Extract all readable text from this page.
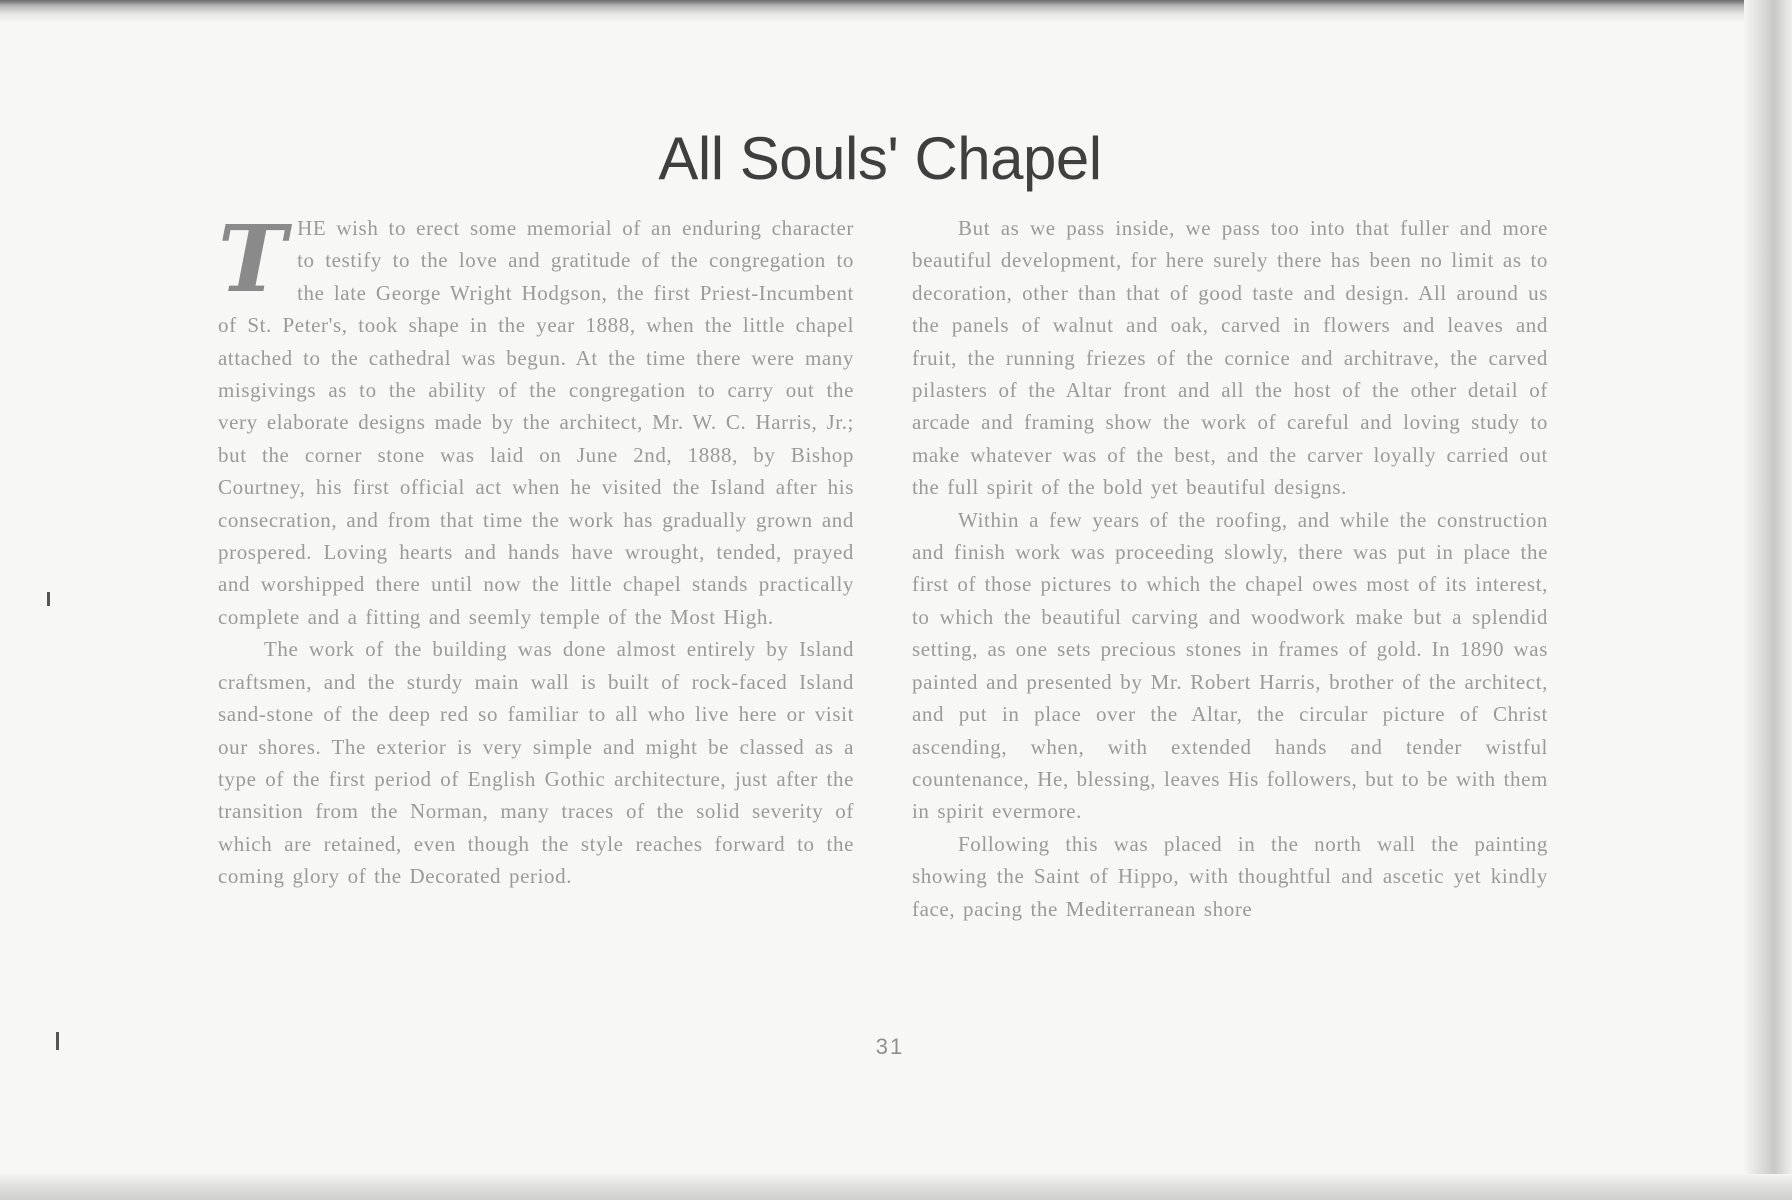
All Souls' Chapel

THE wish to erect some memorial of an enduring character to testify to the love and gratitude of the congregation to the late George Wright Hodgson, the first Priest-Incumbent of St. Peter's, took shape in the year 1888, when the little chapel attached to the cathedral was begun. At the time there were many misgivings as to the ability of the congregation to carry out the very elaborate designs made by the architect, Mr. W. C. Harris, Jr.; but the corner stone was laid on June 2nd, 1888, by Bishop Courtney, his first official act when he visited the Island after his consecration, and from that time the work has gradually grown and prospered. Loving hearts and hands have wrought, tended, prayed and worshipped there until now the little chapel stands practically complete and a fitting and seemly temple of the Most High.

The work of the building was done almost entirely by Island craftsmen, and the sturdy main wall is built of rock-faced Island sand-stone of the deep red so familiar to all who live here or visit our shores. The exterior is very simple and might be classed as a type of the first period of English Gothic architecture, just after the transition from the Norman, many traces of the solid severity of which are retained, even though the style reaches forward to the coming glory of the Decorated period.

But as we pass inside, we pass too into that fuller and more beautiful development, for here surely there has been no limit as to decoration, other than that of good taste and design. All around us the panels of walnut and oak, carved in flowers and leaves and fruit, the running friezes of the cornice and architrave, the carved pilasters of the Altar front and all the host of the other detail of arcade and framing show the work of careful and loving study to make whatever was of the best, and the carver loyally carried out the full spirit of the bold yet beautiful designs.

Within a few years of the roofing, and while the construction and finish work was proceeding slowly, there was put in place the first of those pictures to which the chapel owes most of its interest, to which the beautiful carving and woodwork make but a splendid setting, as one sets precious stones in frames of gold. In 1890 was painted and presented by Mr. Robert Harris, brother of the architect, and put in place over the Altar, the circular picture of Christ ascending, when, with extended hands and tender wistful countenance, He, blessing, leaves His followers, but to be with them in spirit evermore.

Following this was placed in the north wall the painting showing the Saint of Hippo, with thoughtful and ascetic yet kindly face, pacing the Mediterranean shore

31
